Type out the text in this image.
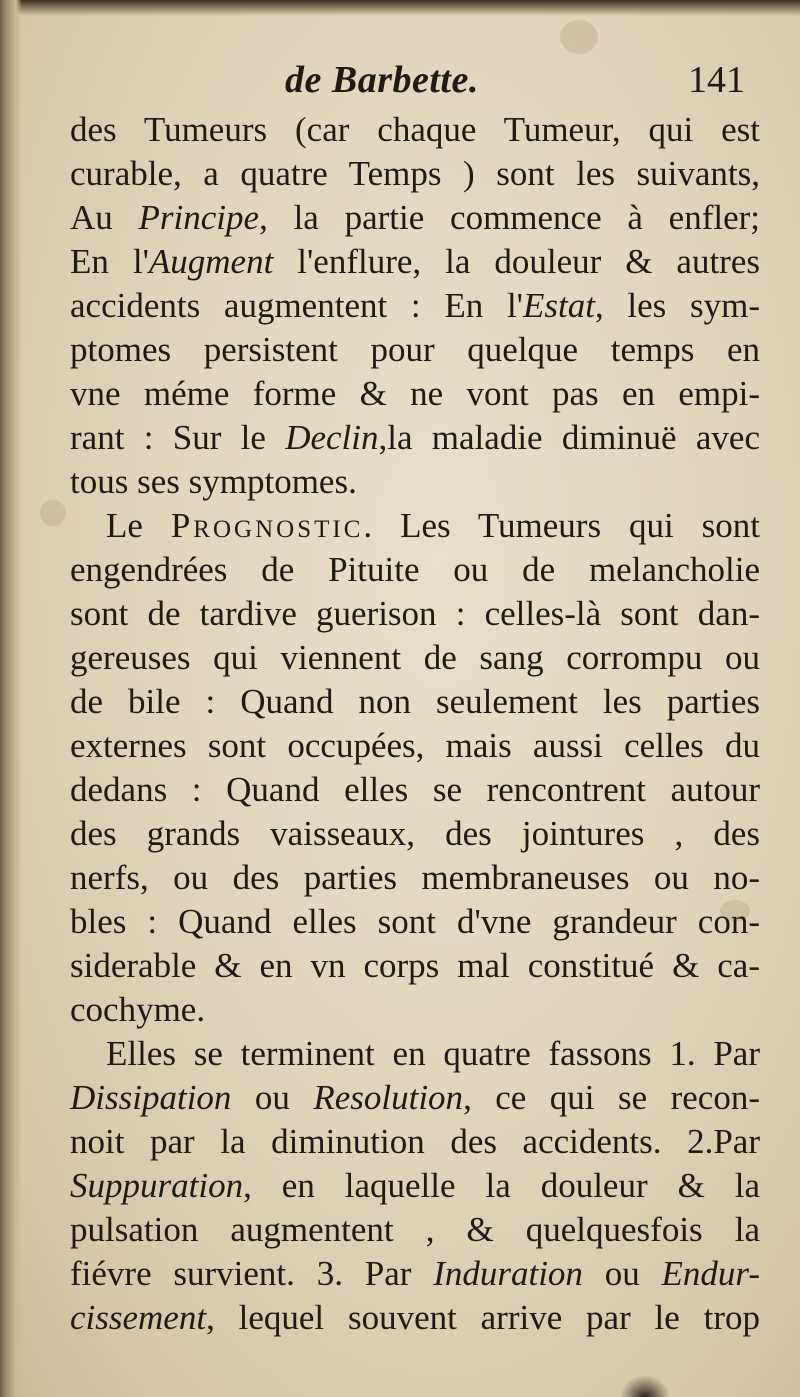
de Barbette.	141
des Tumeurs (car chaque Tumeur, qui est
curable, a quatre Temps ) sont les suivants,
Au Principe, la partie commence à enfler;
En l'Augment l'enflure, la douleur & autres
accidents augmentent : En l'Estat, les sym-
ptomes persistent pour quelque temps en
vne méme forme & ne vont pas en empi-
rant : Sur le Declin,la maladie diminuë avec
tous ses symptomes.
Le Prognostic. Les Tumeurs qui sont
engendrées de Pituite ou de melancholie
sont de tardive guerison : celles-là sont dan-
gereuses qui viennent de sang corrompu ou
de bile : Quand non seulement les parties
externes sont occupées, mais aussi celles du
dedans : Quand elles se rencontrent autour
des grands vaisseaux, des jointures , des
nerfs, ou des parties membraneuses ou no-
bles : Quand elles sont d'vne grandeur con-
siderable & en vn corps mal constitué & ca-
cochyme.
Elles se terminent en quatre fassons 1. Par
Dissipation ou Resolution, ce qui se recon-
noit par la diminution des accidents. 2.Par
Suppuration, en laquelle la douleur & la
pulsation augmentent , & quelquesfois la
fiévre survient. 3. Par Induration ou Endur-
cissement, lequel souvent arrive par le trop
